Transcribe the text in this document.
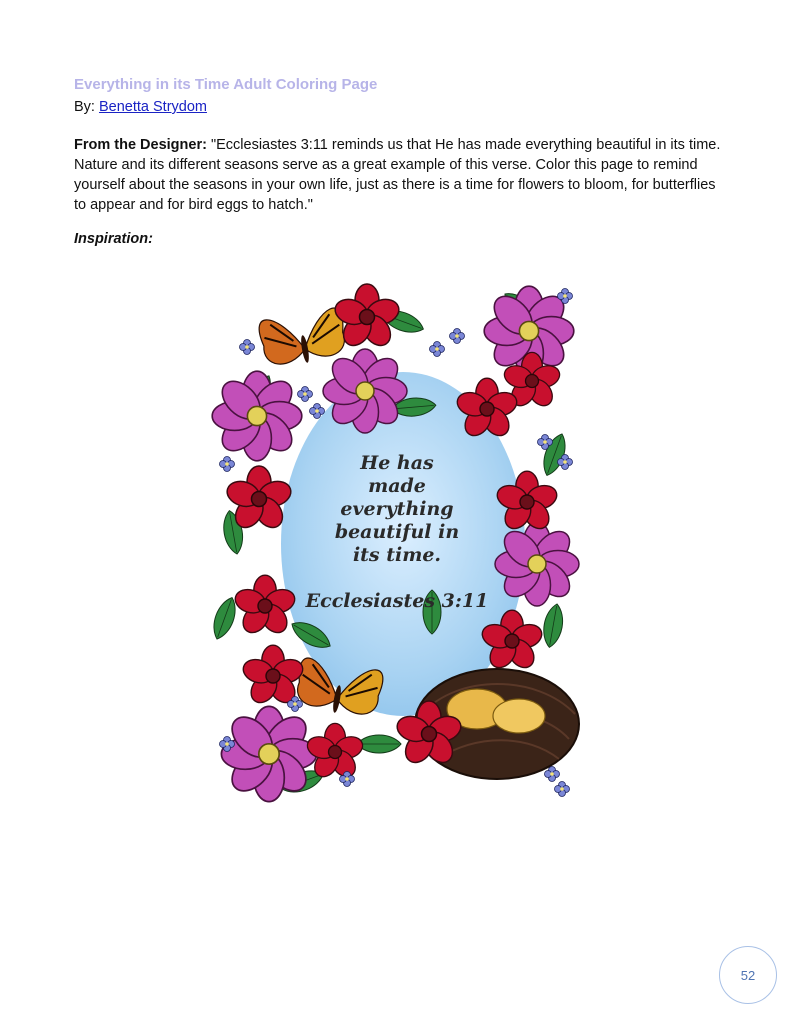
Everything in its Time Adult Coloring Page
By: Benetta Strydom
From the Designer: "Ecclesiastes 3:11 reminds us that He has made everything beautiful in its time. Nature and its different seasons serve as a great example of this verse. Color this page to remind yourself about the seasons in your own life, just as there is a time for flowers to bloom, for butterflies to appear and for bird eggs to hatch."
Inspiration:
He has
made
everything
beautiful in
its time.
Ecclesiastes 3:11
52
